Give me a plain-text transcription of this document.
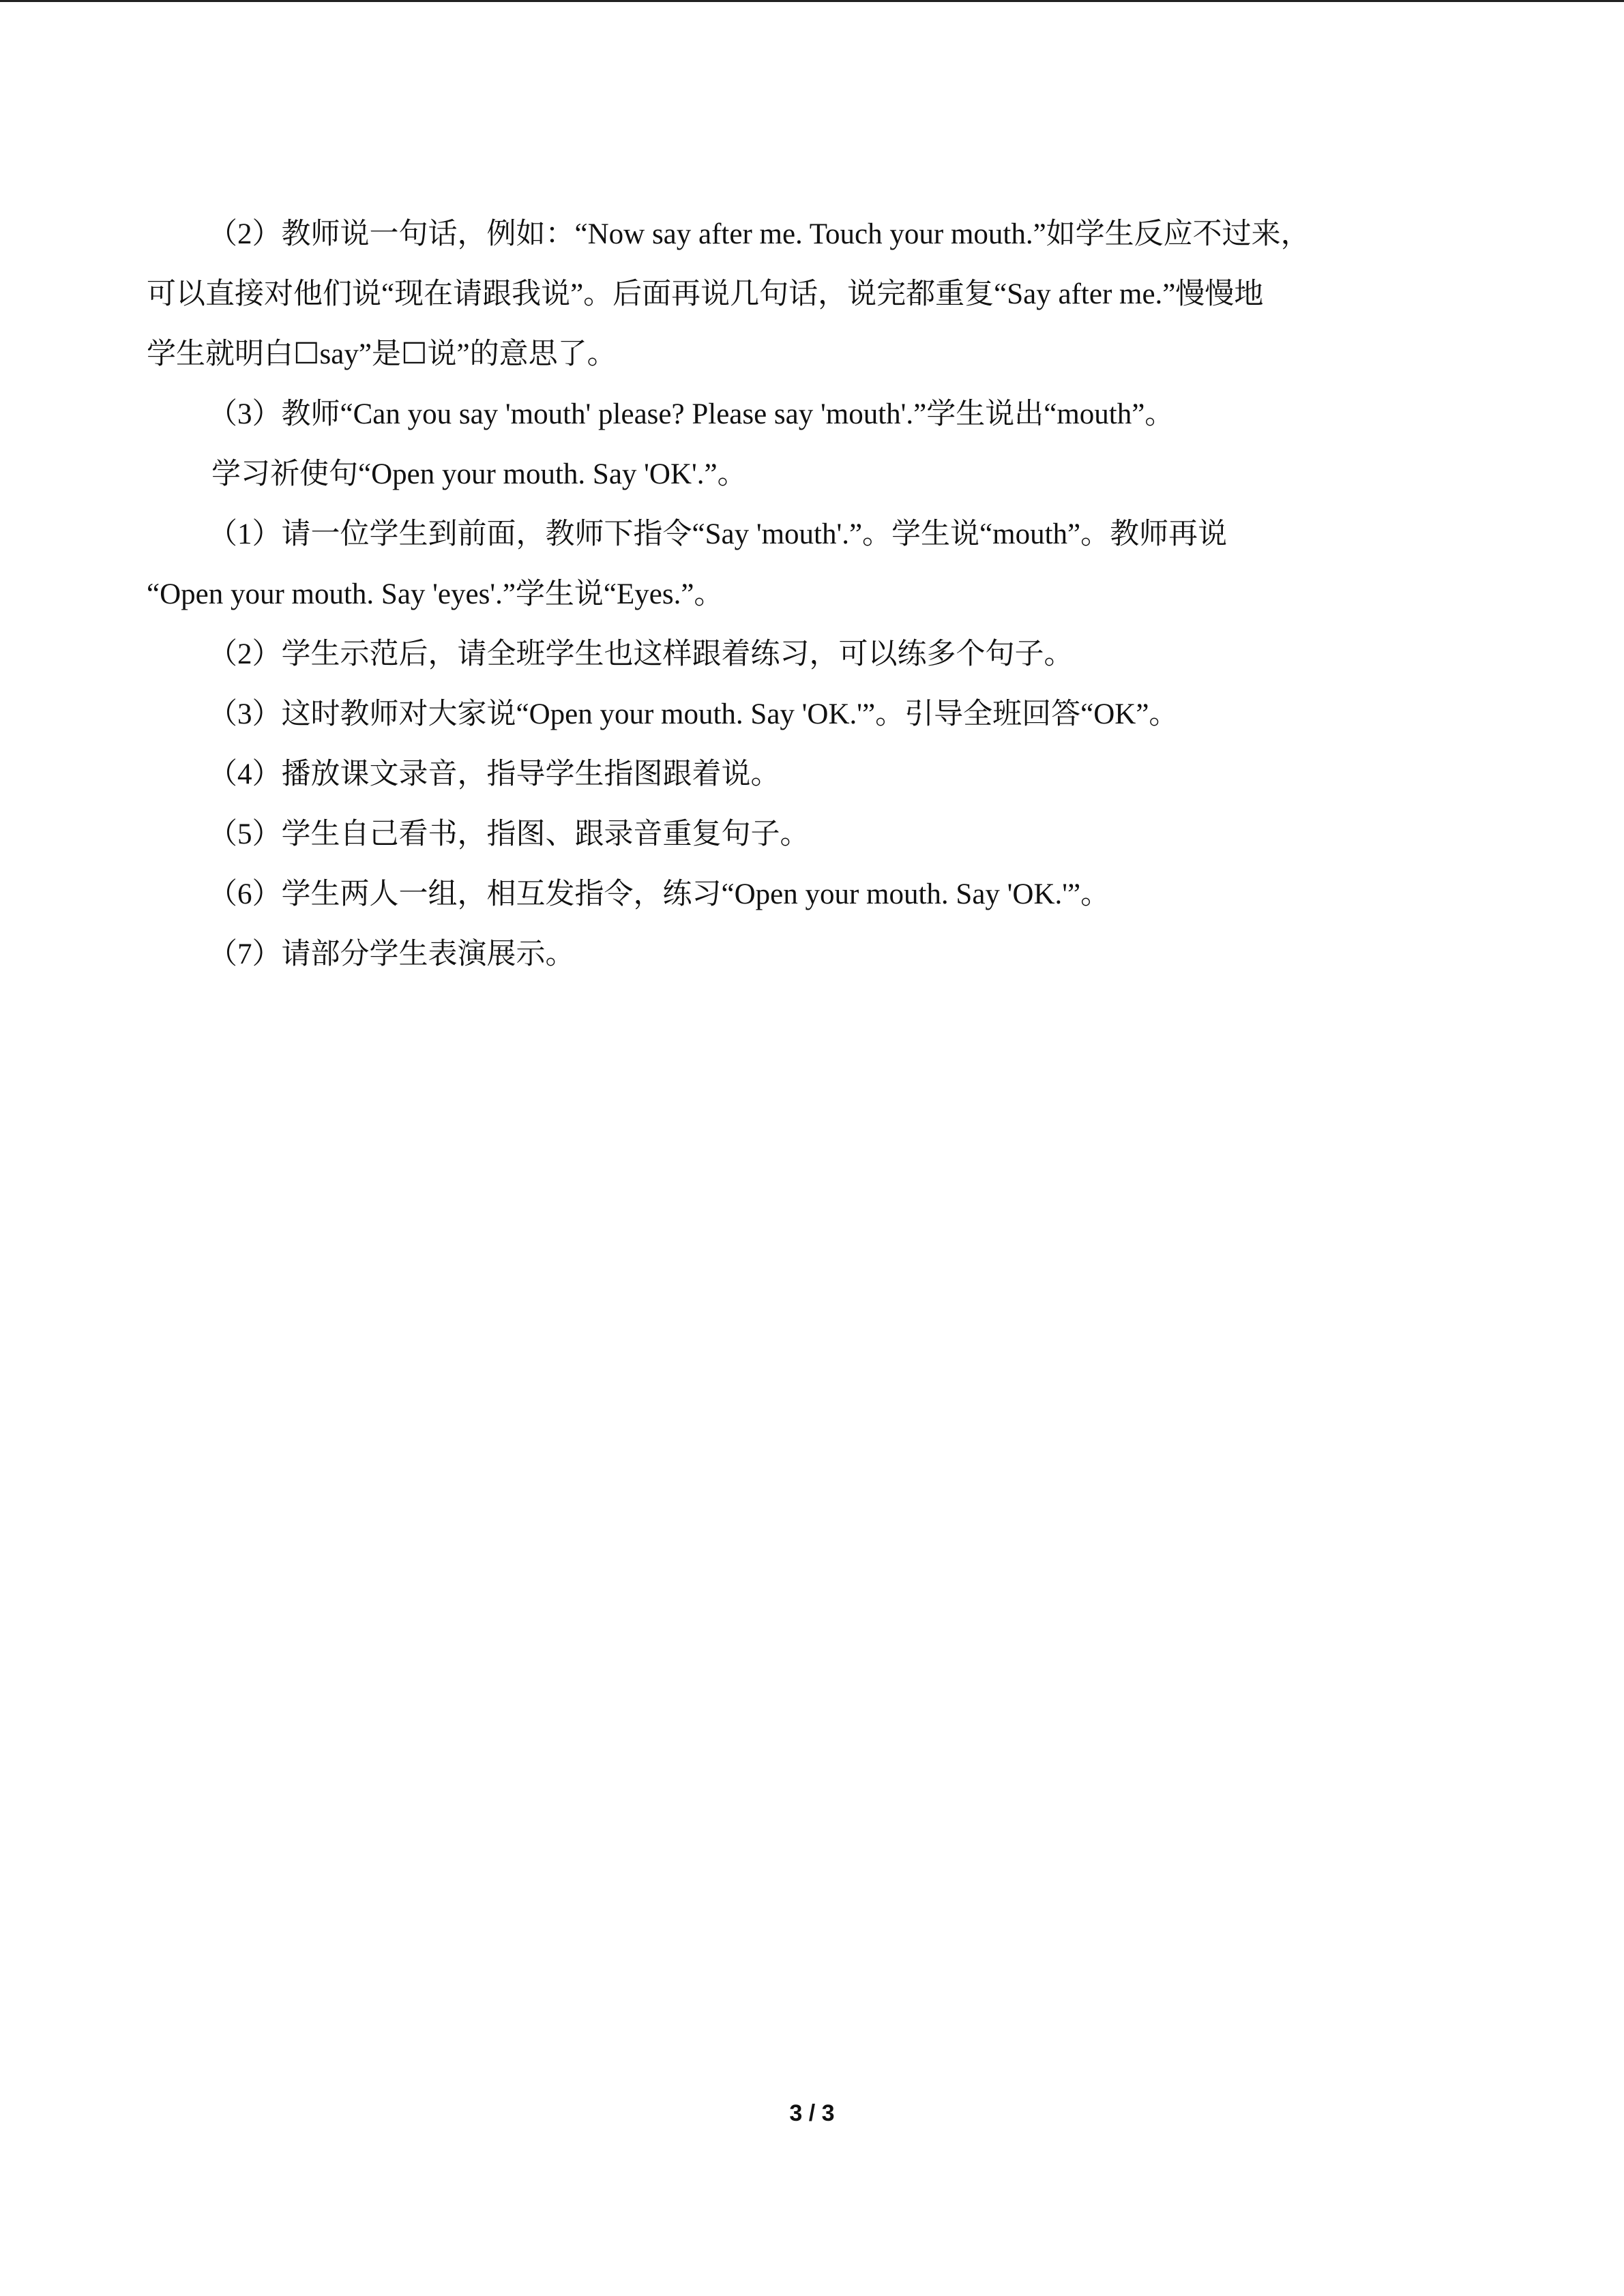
（2）教师说一句话，例如：“Now say after me. Touch your mouth.”如学生反应不过来，
可以直接对他们说“现在请跟我说”。后面再说几句话，说完都重复“Say after me.”慢慢地
学生就明白☐say”是☐说”的意思了。
（3）教师“Can you say 'mouth' please? Please say 'mouth'.”学生说出“mouth”。
学习祈使句“Open your mouth. Say 'OK'.”。
（1）请一位学生到前面，教师下指令“Say 'mouth'.”。学生说“mouth”。教师再说
“Open your mouth. Say 'eyes'.”学生说“Eyes.”。
（2）学生示范后，请全班学生也这样跟着练习，可以练多个句子。
（3）这时教师对大家说“Open your mouth. Say 'OK.'”。引导全班回答“OK”。
（4）播放课文录音，指导学生指图跟着说。
（5）学生自己看书，指图、跟录音重复句子。
（6）学生两人一组，相互发指令，练习“Open your mouth. Say 'OK.'”。
（7）请部分学生表演展示。
3 / 3
